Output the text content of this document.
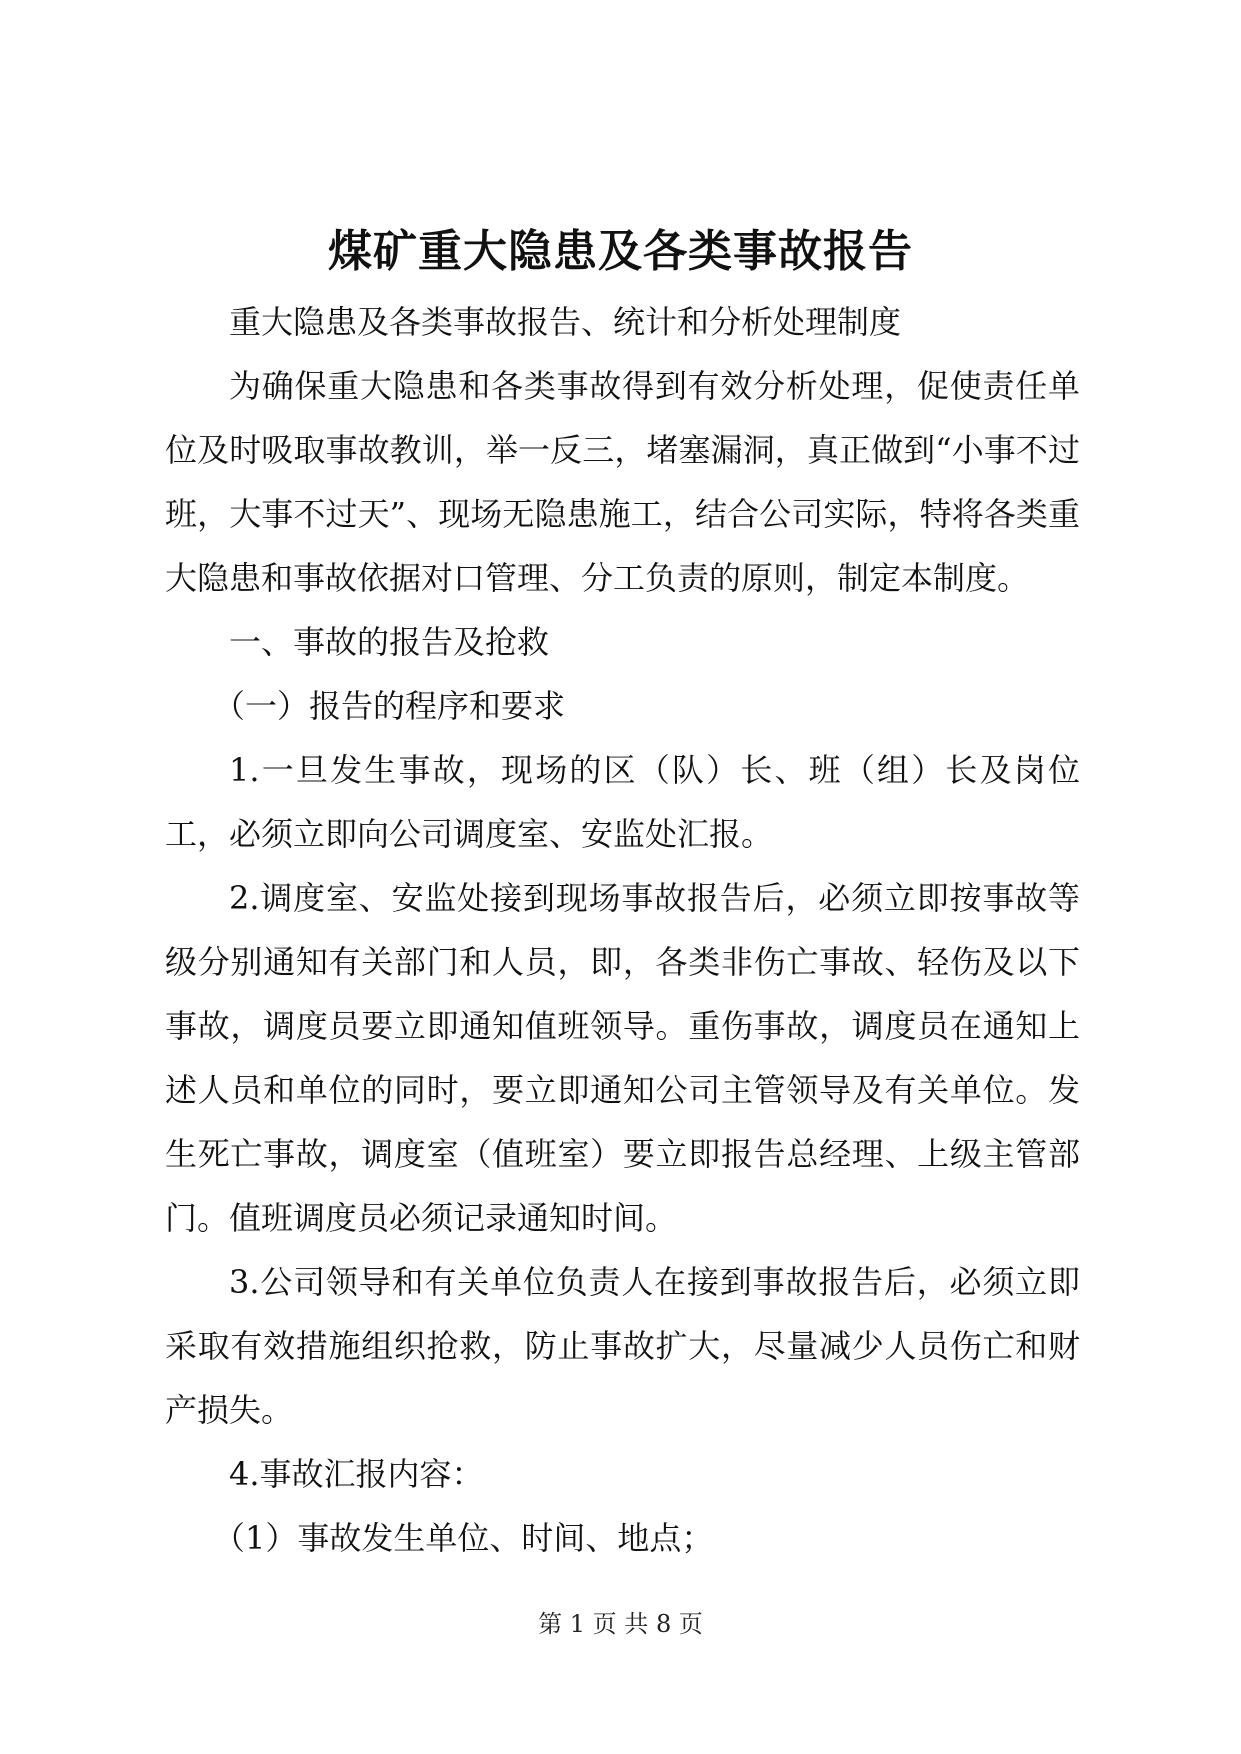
煤矿重大隐患及各类事故报告

重大隐患及各类事故报告、统计和分析处理制度

为确保重大隐患和各类事故得到有效分析处理，促使责任单位及时吸取事故教训，举一反三，堵塞漏洞，真正做到“小事不过班，大事不过天”、现场无隐患施工，结合公司实际，特将各类重大隐患和事故依据对口管理、分工负责的原则，制定本制度。

一、事故的报告及抢救

（一）报告的程序和要求

1.一旦发生事故，现场的区（队）长、班（组）长及岗位工，必须立即向公司调度室、安监处汇报。

2.调度室、安监处接到现场事故报告后，必须立即按事故等级分别通知有关部门和人员，即，各类非伤亡事故、轻伤及以下事故，调度员要立即通知值班领导。重伤事故，调度员在通知上述人员和单位的同时，要立即通知公司主管领导及有关单位。发生死亡事故，调度室（值班室）要立即报告总经理、上级主管部门。值班调度员必须记录通知时间。

3.公司领导和有关单位负责人在接到事故报告后，必须立即采取有效措施组织抢救，防止事故扩大，尽量减少人员伤亡和财产损失。

4.事故汇报内容：

（1）事故发生单位、时间、地点；

第 1 页 共 8 页
